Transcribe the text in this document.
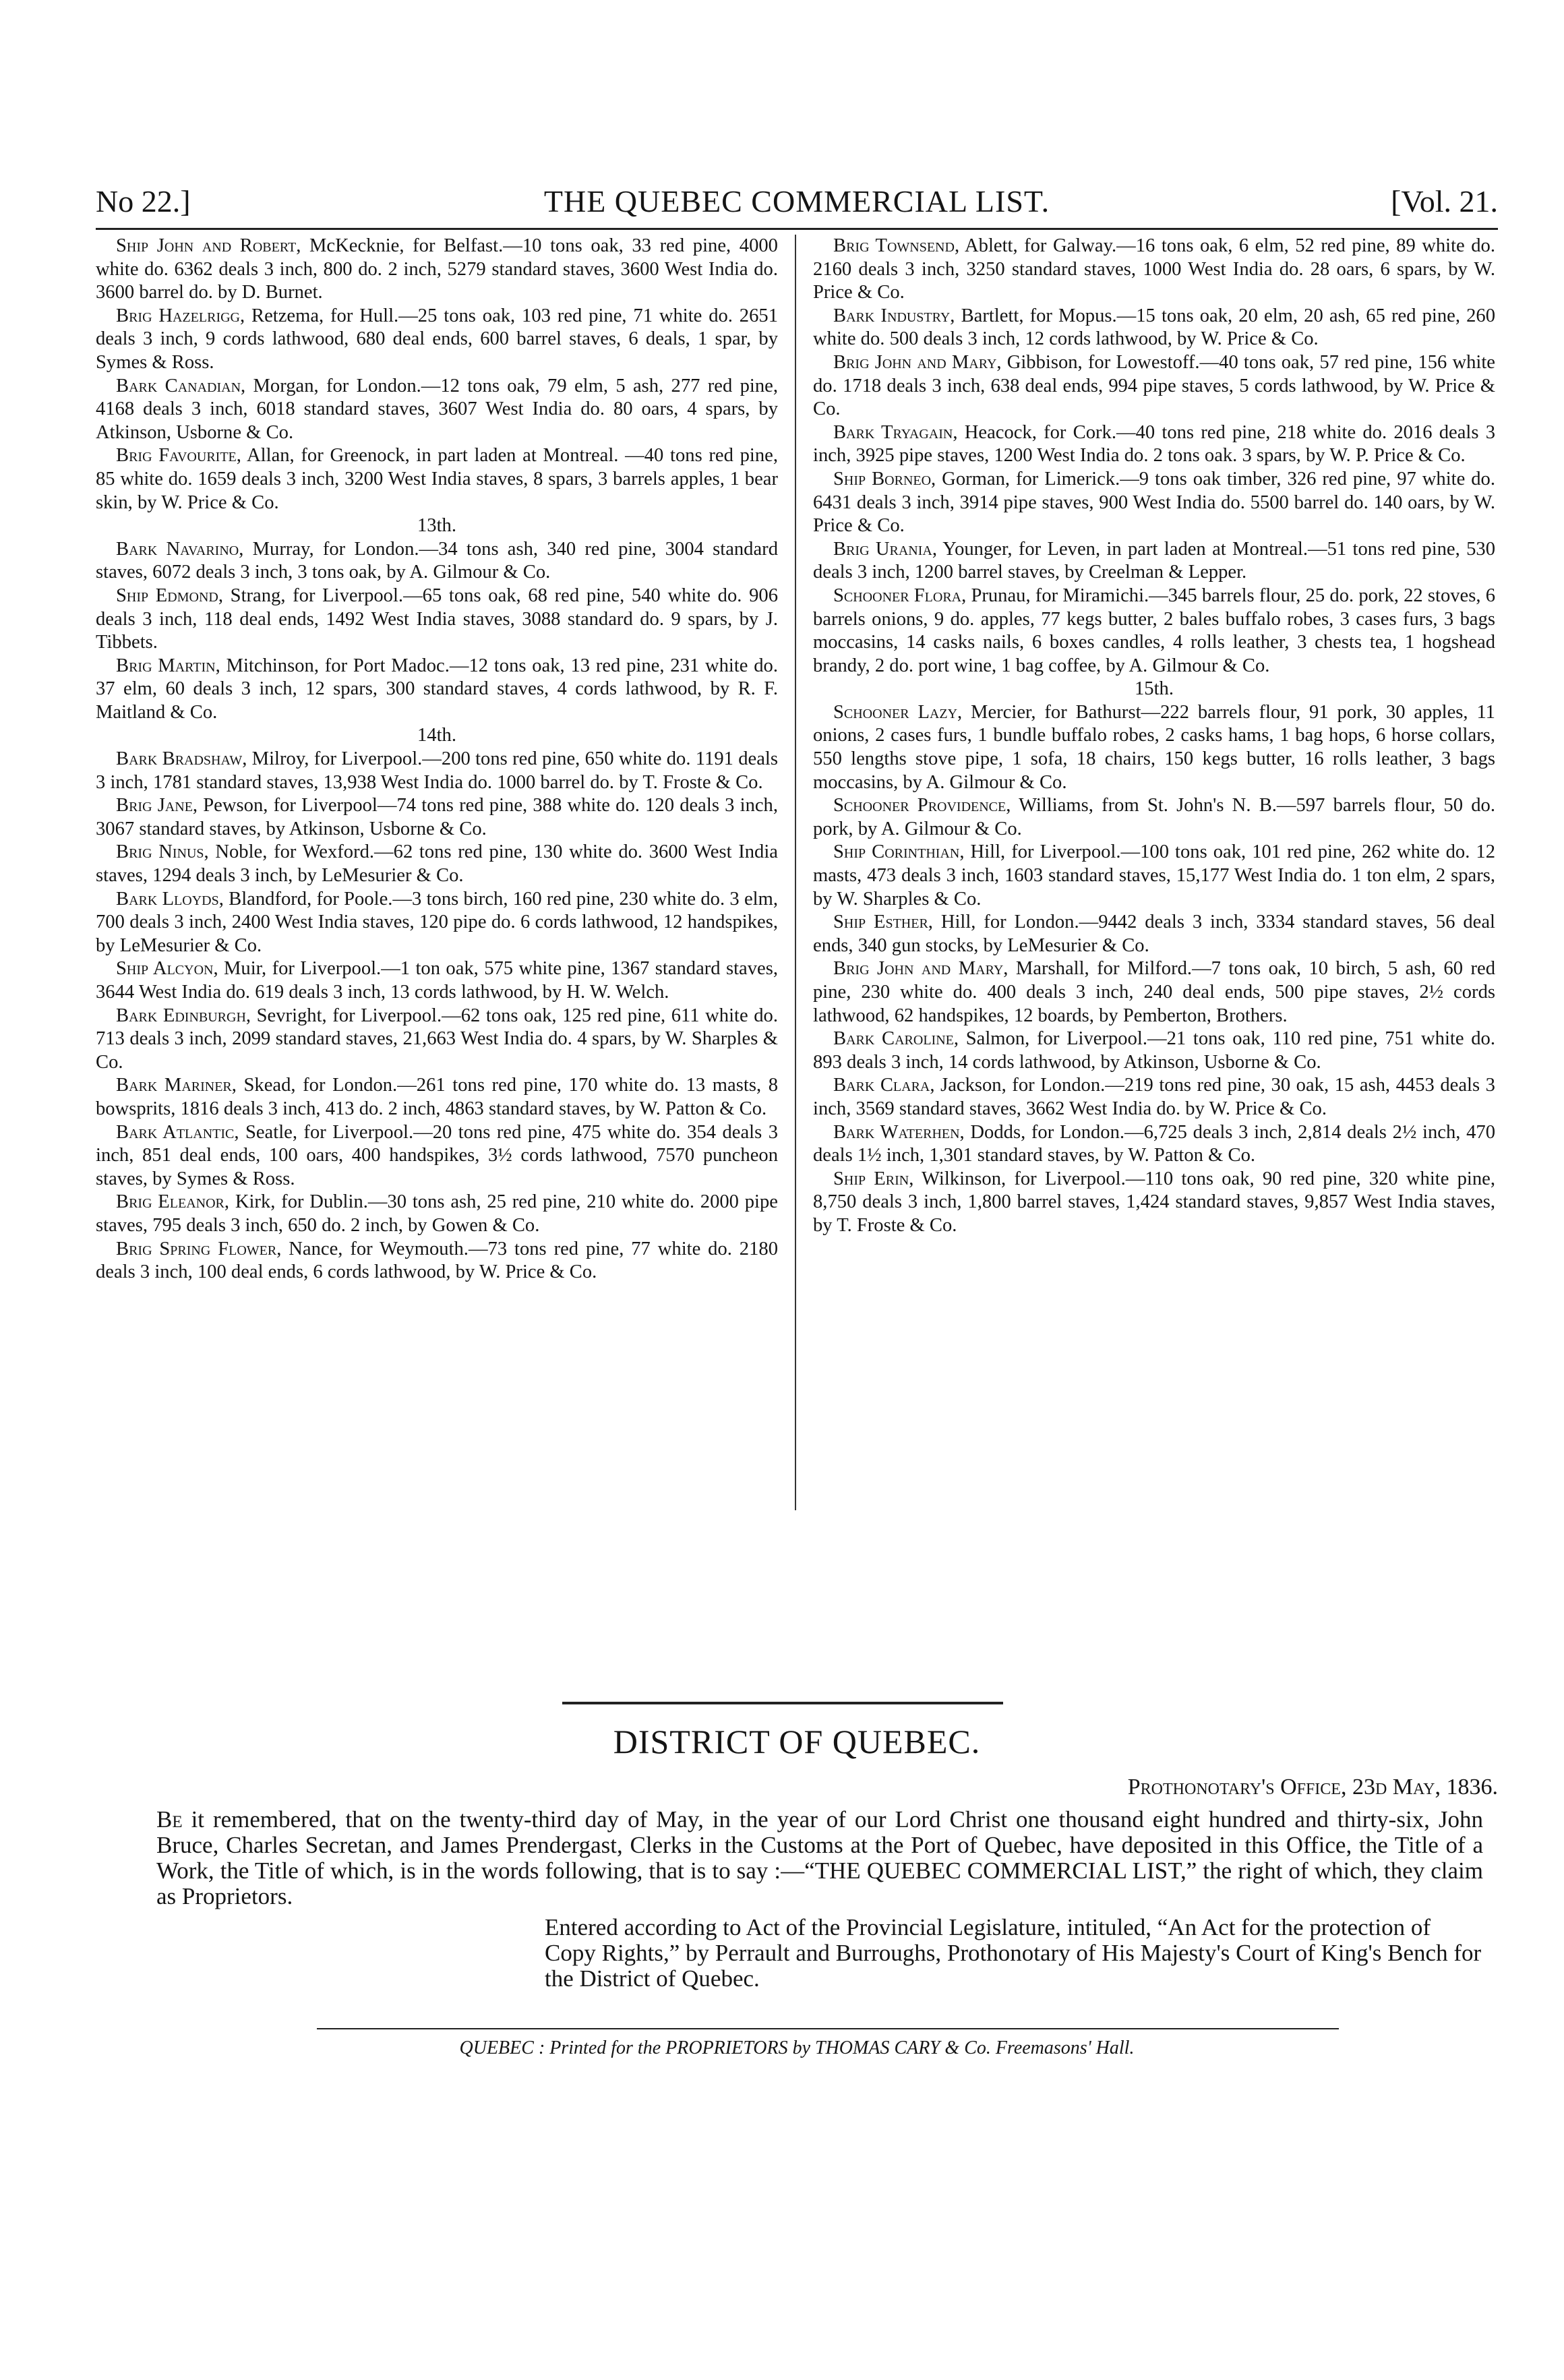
No 22.]	THE QUEBEC COMMERCIAL LIST.	[Vol. 21.

Ship John and Robert, McKecknie, for Belfast.—10 tons oak, 33 red pine, 4000 white do. 6362 deals 3 inch, 800 do. 2 inch, 5279 standard staves, 3600 West India do. 3600 barrel do. by D. Burnet.

Brig Hazelrigg, Retzema, for Hull.—25 tons oak, 103 red pine, 71 white do. 2651 deals 3 inch, 9 cords lathwood, 680 deal ends, 600 barrel staves, 6 deals, 1 spar, by Symes & Ross.

Bark Canadian, Morgan, for London.—12 tons oak, 79 elm, 5 ash, 277 red pine, 4168 deals 3 inch, 6018 standard staves, 3607 West India do. 80 oars, 4 spars, by Atkinson, Usborne & Co.

Brig Favourite, Allan, for Greenock, in part laden at Montreal. —40 tons red pine, 85 white do. 1659 deals 3 inch, 3200 West India staves, 8 spars, 3 barrels apples, 1 bear skin, by W. Price & Co.

13th.

Bark Navarino, Murray, for London.—34 tons ash, 340 red pine, 3004 standard staves, 6072 deals 3 inch, 3 tons oak, by A. Gilmour & Co.

Ship Edmond, Strang, for Liverpool.—65 tons oak, 68 red pine, 540 white do. 906 deals 3 inch, 118 deal ends, 1492 West India staves, 3088 standard do. 9 spars, by J. Tibbets.

Brig Martin, Mitchinson, for Port Madoc.—12 tons oak, 13 red pine, 231 white do. 37 elm, 60 deals 3 inch, 12 spars, 300 standard staves, 4 cords lathwood, by R. F. Maitland & Co.

14th.

Bark Bradshaw, Milroy, for Liverpool.—200 tons red pine, 650 white do. 1191 deals 3 inch, 1781 standard staves, 13,938 West India do. 1000 barrel do. by T. Froste & Co.

Brig Jane, Pewson, for Liverpool—74 tons red pine, 388 white do. 120 deals 3 inch, 3067 standard staves, by Atkinson, Usborne & Co.

Brig Ninus, Noble, for Wexford.—62 tons red pine, 130 white do. 3600 West India staves, 1294 deals 3 inch, by LeMesurier & Co.

Bark Lloyds, Blandford, for Poole.—3 tons birch, 160 red pine, 230 white do. 3 elm, 700 deals 3 inch, 2400 West India staves, 120 pipe do. 6 cords lathwood, 12 handspikes, by LeMesurier & Co.

Ship Alcyon, Muir, for Liverpool.—1 ton oak, 575 white pine, 1367 standard staves, 3644 West India do. 619 deals 3 inch, 13 cords lathwood, by H. W. Welch.

Bark Edinburgh, Sevright, for Liverpool.—62 tons oak, 125 red pine, 611 white do. 713 deals 3 inch, 2099 standard staves, 21,663 West India do. 4 spars, by W. Sharples & Co.

Bark Mariner, Skead, for London.—261 tons red pine, 170 white do. 13 masts, 8 bowsprits, 1816 deals 3 inch, 413 do. 2 inch, 4863 standard staves, by W. Patton & Co.

Bark Atlantic, Seatle, for Liverpool.—20 tons red pine, 475 white do. 354 deals 3 inch, 851 deal ends, 100 oars, 400 handspikes, 3½ cords lathwood, 7570 puncheon staves, by Symes & Ross.

Brig Eleanor, Kirk, for Dublin.—30 tons ash, 25 red pine, 210 white do. 2000 pipe staves, 795 deals 3 inch, 650 do. 2 inch, by Gowen & Co.

Brig Spring Flower, Nance, for Weymouth.—73 tons red pine, 77 white do. 2180 deals 3 inch, 100 deal ends, 6 cords lathwood, by W. Price & Co.

Brig Townsend, Ablett, for Galway.—16 tons oak, 6 elm, 52 red pine, 89 white do. 2160 deals 3 inch, 3250 standard staves, 1000 West India do. 28 oars, 6 spars, by W. Price & Co.

Bark Industry, Bartlett, for Mopus.—15 tons oak, 20 elm, 20 ash, 65 red pine, 260 white do. 500 deals 3 inch, 12 cords lathwood, by W. Price & Co.

Brig John and Mary, Gibbison, for Lowestoff.—40 tons oak, 57 red pine, 156 white do. 1718 deals 3 inch, 638 deal ends, 994 pipe staves, 5 cords lathwood, by W. Price & Co.

Bark Tryagain, Heacock, for Cork.—40 tons red pine, 218 white do. 2016 deals 3 inch, 3925 pipe staves, 1200 West India do. 2 tons oak. 3 spars, by W. P. Price & Co.

Ship Borneo, Gorman, for Limerick.—9 tons oak timber, 326 red pine, 97 white do. 6431 deals 3 inch, 3914 pipe staves, 900 West India do. 5500 barrel do. 140 oars, by W. Price & Co.

Brig Urania, Younger, for Leven, in part laden at Montreal.—51 tons red pine, 530 deals 3 inch, 1200 barrel staves, by Creelman & Lepper.

Schooner Flora, Prunau, for Miramichi.—345 barrels flour, 25 do. pork, 22 stoves, 6 barrels onions, 9 do. apples, 77 kegs butter, 2 bales buffalo robes, 3 cases furs, 3 bags moccasins, 14 casks nails, 6 boxes candles, 4 rolls leather, 3 chests tea, 1 hogshead brandy, 2 do. port wine, 1 bag coffee, by A. Gilmour & Co.

15th.

Schooner Lazy, Mercier, for Bathurst—222 barrels flour, 91 pork, 30 apples, 11 onions, 2 cases furs, 1 bundle buffalo robes, 2 casks hams, 1 bag hops, 6 horse collars, 550 lengths stove pipe, 1 sofa, 18 chairs, 150 kegs butter, 16 rolls leather, 3 bags moccasins, by A. Gilmour & Co.

Schooner Providence, Williams, from St. John's N. B.—597 barrels flour, 50 do. pork, by A. Gilmour & Co.

Ship Corinthian, Hill, for Liverpool.—100 tons oak, 101 red pine, 262 white do. 12 masts, 473 deals 3 inch, 1603 standard staves, 15,177 West India do. 1 ton elm, 2 spars, by W. Sharples & Co.

Ship Esther, Hill, for London.—9442 deals 3 inch, 3334 standard staves, 56 deal ends, 340 gun stocks, by LeMesurier & Co.

Brig John and Mary, Marshall, for Milford.—7 tons oak, 10 birch, 5 ash, 60 red pine, 230 white do. 400 deals 3 inch, 240 deal ends, 500 pipe staves, 2½ cords lathwood, 62 handspikes, 12 boards, by Pemberton, Brothers.

Bark Caroline, Salmon, for Liverpool.—21 tons oak, 110 red pine, 751 white do. 893 deals 3 inch, 14 cords lathwood, by Atkinson, Usborne & Co.

Bark Clara, Jackson, for London.—219 tons red pine, 30 oak, 15 ash, 4453 deals 3 inch, 3569 standard staves, 3662 West India do. by W. Price & Co.

Bark Waterhen, Dodds, for London.—6,725 deals 3 inch, 2,814 deals 2½ inch, 470 deals 1½ inch, 1,301 standard staves, by W. Patton & Co.

Ship Erin, Wilkinson, for Liverpool.—110 tons oak, 90 red pine, 320 white pine, 8,750 deals 3 inch, 1,800 barrel staves, 1,424 standard staves, 9,857 West India staves, by T. Froste & Co.

DISTRICT OF QUEBEC.
Prothonotary's Office, 23d May, 1836.

Be it remembered, that on the twenty-third day of May, in the year of our Lord Christ one thousand eight hundred and thirty-six, John Bruce, Charles Secretan, and James Prendergast, Clerks in the Customs at the Port of Quebec, have deposited in this Office, the Title of a Work, the Title of which, is in the words following, that is to say :—“THE QUEBEC COMMERCIAL LIST,” the right of which, they claim as Proprietors.

Entered according to Act of the Provincial Legislature, intituled, “An Act for the protection of Copy Rights,” by Perrault and Burroughs, Prothonotary of His Majesty's Court of King's Bench for the District of Quebec.

QUEBEC : Printed for the PROPRIETORS by THOMAS CARY & Co. Freemasons' Hall.
